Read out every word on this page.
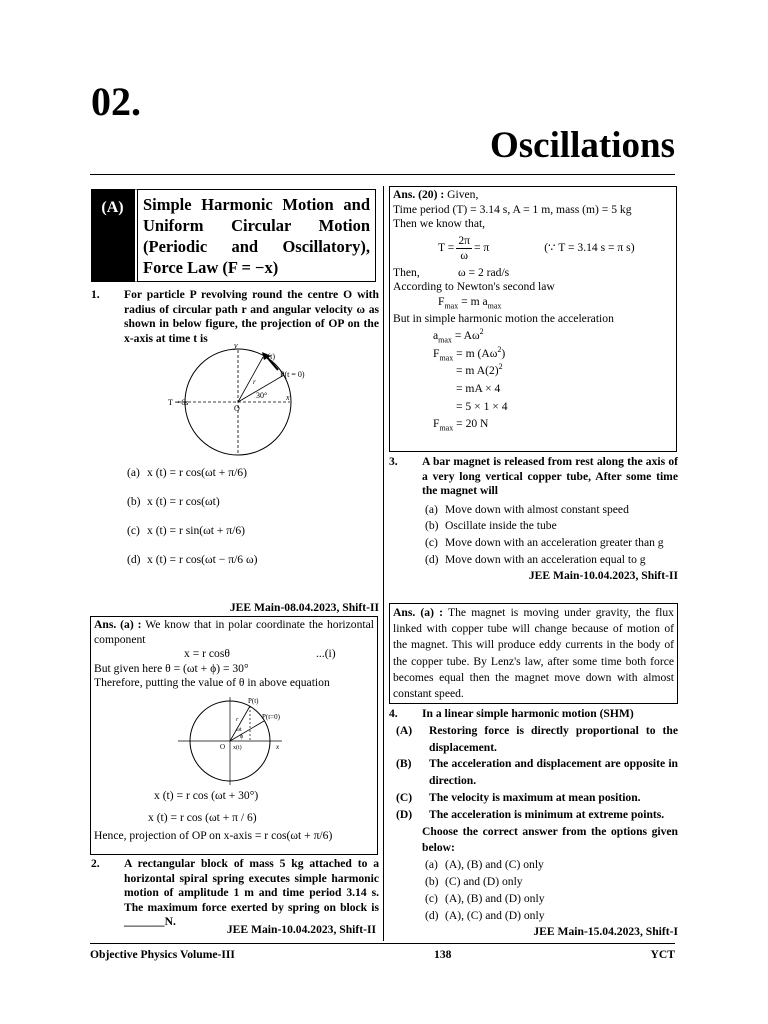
02.
Oscillations
(A)	Simple Harmonic Motion and Uniform Circular Motion (Periodic and Oscillatory), Force Law (F = −x)
1. For particle P revolving round the centre O with radius of circular path r and angular velocity ω as shown in below figure, the projection of OP on the x-axis at time t is
y
x
P(t)
P(t = 0)
r
O
30°
T = 6s
(a) x (t) = r cos(ωt + π/6)
(b) x (t) = r cos(ωt)
(c) x (t) = r sin(ωt + π/6)
(d) x (t) = r cos(ωt − π/6 ω)
JEE Main-08.04.2023, Shift-II
Ans. (a) : We know that in polar coordinate the horizontal component
x = r cosθ	...(i)
But given here θ = (ωt + ϕ) = 30°
Therefore, putting the value of θ in above equation
P(t)
P(t=0)
O x(t)	x
r
ωt
ϕ
x (t) = r cos (ωt + 30°)
x (t) = r cos (ωt + π / 6)
Hence, projection of OP on x-axis = r cos(ωt + π/6)
2. A rectangular block of mass 5 kg attached to a horizontal spiral spring executes simple harmonic motion of amplitude 1 m and time period 3.14 s. The maximum force exerted by spring on block is _______N.
JEE Main-10.04.2023, Shift-II
Ans. (20) : Given,
Time period (T) = 3.14 s, A = 1 m, mass (m) = 5 kg
Then we know that,
$T = \frac{2\pi}{\omega} = \pi$	(∵ T = 3.14 s = π s)
Then,	ω = 2 rad/s
According to Newton's second law
$F_{max} = m$ $a_{max}$
But in simple harmonic motion the acceleration
$a_{max} = A\omega^2$
$F_{max} = m$ $(A\omega^2)$
= m $A(2)^2$
= mA × 4
= 5 × 1 × 4
$F_{max} = 20$ N
3. A bar magnet is released from rest along the axis of a very long vertical copper tube, After some time the magnet will
(a) Move down with almost constant speed
(b) Oscillate inside the tube
(c) Move down with an acceleration greater than g
(d) Move down with an acceleration equal to g
JEE Main-10.04.2023, Shift-II
Ans. (a) : The magnet is moving under gravity, the flux linked with copper tube will change because of motion of the magnet. This will produce eddy currents in the body of the copper tube. By Lenz's law, after some time both force becomes equal then the magnet move down with almost constant speed.
4. In a linear simple harmonic motion (SHM)
(A)	Restoring force is directly proportional to the displacement.
(B)	The acceleration and displacement are opposite in direction.
(C)	The velocity is maximum at mean position.
(D)	The acceleration is minimum at extreme points.
Choose the correct answer from the options given below:
(a) (A), (B) and (C) only
(b) (C) and (D) only
(c) (A), (B) and (D) only
(d) (A), (C) and (D) only
JEE Main-15.04.2023, Shift-I
Objective Physics Volume-III	138	YCT
